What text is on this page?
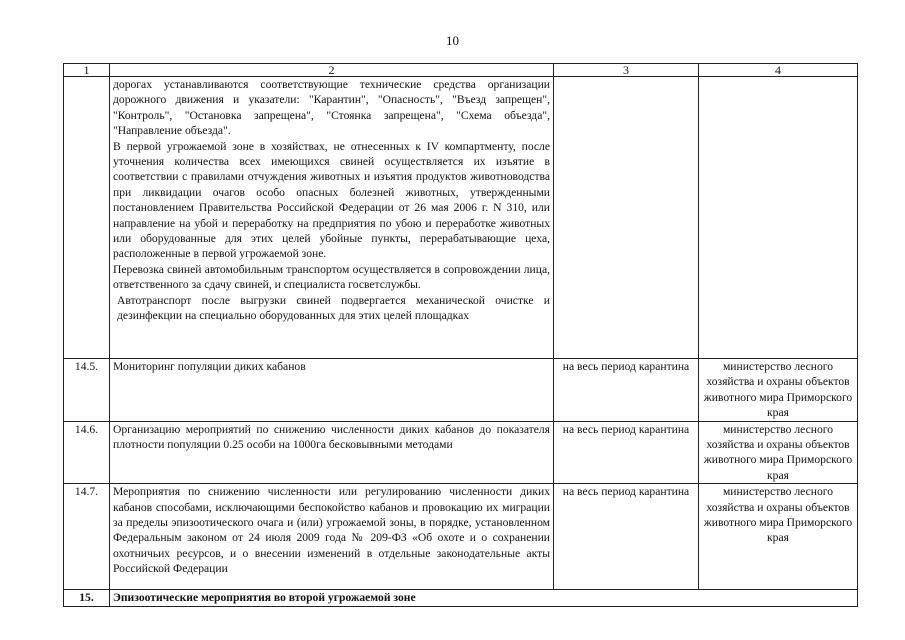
10
1	2	3	4

	дорогах устанавливаются соответствующие технические средства организации дорожного движения и указатели: "Карантин", "Опасность", "Въезд запрещен", "Контроль", "Остановка запрещена", "Стоянка запрещена", "Схема объезда", "Направление объезда".

В первой угрожаемой зоне в хозяйствах, не отнесенных к IV компартменту, после уточнения количества всех имеющихся свиней осуществляется их изъятие в соответствии с правилами отчуждения животных и изъятия продуктов животноводства при ликвидации очагов особо опасных болезней животных, утвержденными постановлением Правительства Российской Федерации от 26 мая 2006 г. N 310, или направление на убой и переработку на предприятия по убою и переработке животных или оборудованные для этих целей убойные пункты, перерабатывающие цеха, расположенные в первой угрожаемой зоне.

Перевозка свиней автомобильным транспортом осуществляется в сопровождении лица, ответственного за сдачу свиней, и специалиста госветслужбы.

Автотранспорт после выгрузки свиней подвергается механической очистке и дезинфекции на специально оборудованных для этих целей площадках		

14.5.	Мониторинг популяции диких кабанов	на весь период карантина	министерство лесного хозяйства и охраны объектов животного мира Приморского края
14.6.	Организацию мероприятий по снижению численности диких кабанов до показателя плотности популяции 0.25 особи на 1000га бесковывными методами	на весь период карантина	министерство лесного хозяйства и охраны объектов животного мира Приморского края
14.7.	Мероприятия по снижению численности или регулированию численности диких кабанов способами, исключающими беспокойство кабанов и провокацию их миграции за пределы эпизоотического очага и (или) угрожаемой зоны, в порядке, установленном Федеральным законом от 24 июля 2009 года № 209-ФЗ «Об охоте и о сохранении охотничьих ресурсов, и о внесении изменений в отдельные законодательные акты Российской Федерации	на весь период карантина	министерство лесного хозяйства и охраны объектов животного мира Приморского края
15.	Эпизоотические мероприятия во второй угрожаемой зоне		
